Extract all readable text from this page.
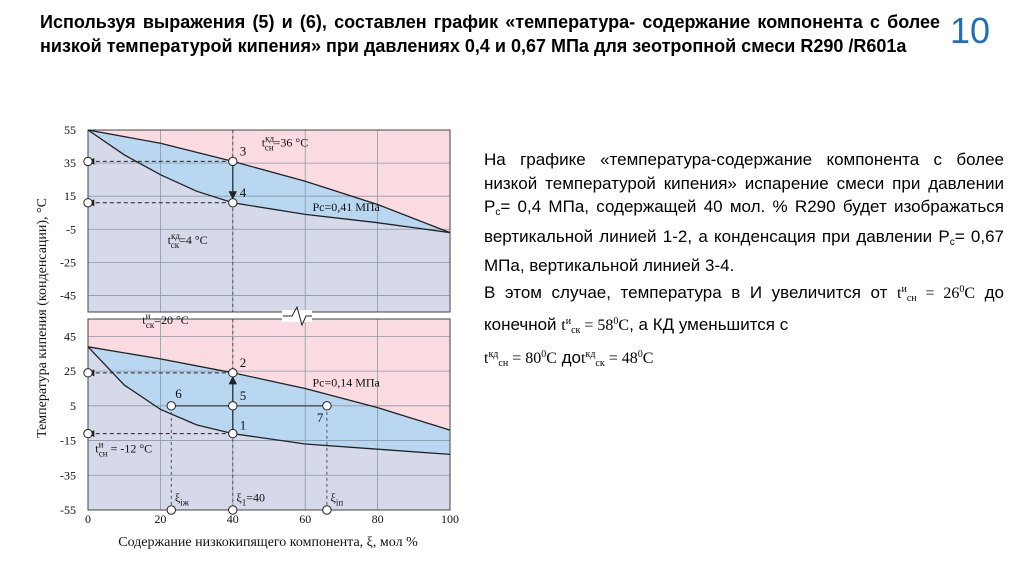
Используя выражения (5) и (6), составлен график «температура- содержание компонента с более низкой температурой кипения» при давлениях 0,4 и 0,67 МПа для зеотропной смеси R290 /R601a	10
55
35
15
-5
-25
-45
Pc=0,41 МПа
3
4
$t^{кд}$ сн=36 °C
$t^{кд}$ ск=4 °C
45
25
5
-15
-35
-55
Pc=0,14 МПа
2
5
1
6
7
$t^и$ ск=20 °C
$t^и$ сн = -12 °C
$\xi_{iж}$	$\xi_1=40$	$\xi_{iп}$
0	20	40	60	80	100
Содержание низкокипящего компонента, ξ, мол %
Температура кипения (конденсации), °C

На графике «температура-содержание компонента с более низкой температурой кипения» испарение смеси при давлении $P_c= 0,4$ МПа, содержащей 40 мол. % R290 будет изображаться вертикальной линией 1-2, а конденсация при давлении $P_c= 0,67$ МПа, вертикальной линией 3-4.

В этом случае, температура в И увеличится от $t^и_{сн} = 26^0C$ до конечной $t^и_{ск} = 58^0C$, а КД уменьшится с
$t^{кд}_{сн} = 80^0C$ $доt^{кд}_{ск} = 48^0C$
